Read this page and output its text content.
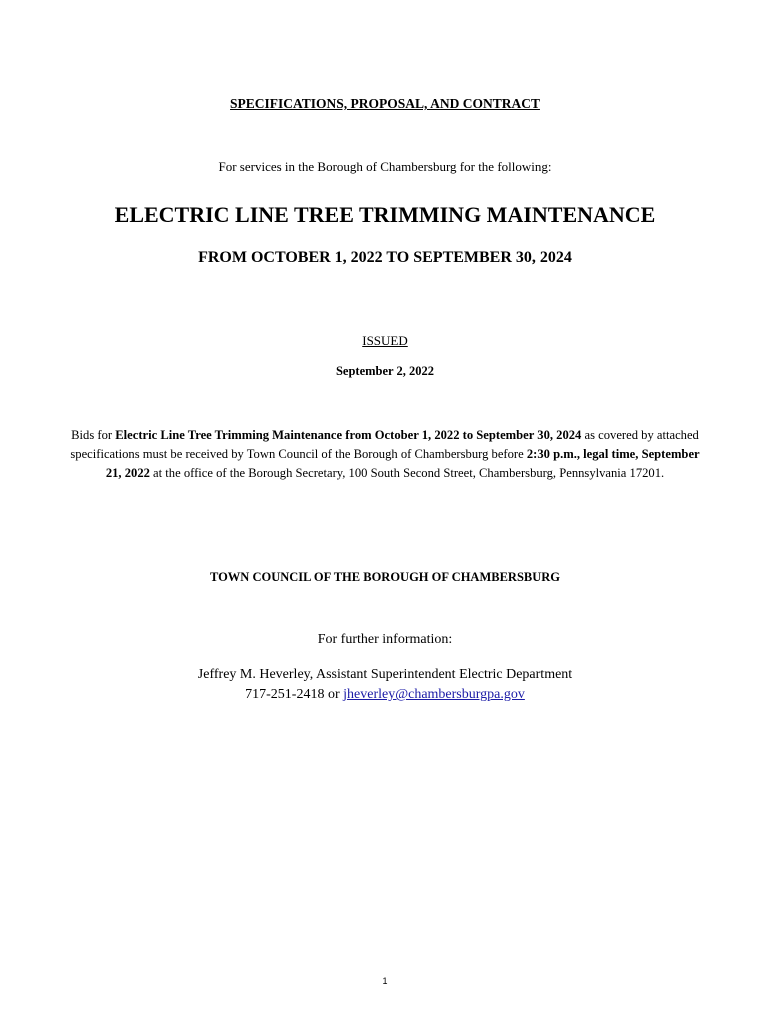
SPECIFICATIONS, PROPOSAL, AND CONTRACT
For services in the Borough of Chambersburg for the following:
ELECTRIC LINE TREE TRIMMING MAINTENANCE
FROM OCTOBER 1, 2022 TO SEPTEMBER 30, 2024
ISSUED
September 2, 2022
Bids for Electric Line Tree Trimming Maintenance from October 1, 2022 to September 30, 2024 as covered by attached specifications must be received by Town Council of the Borough of Chambersburg before 2:30 p.m., legal time, September 21, 2022 at the office of the Borough Secretary, 100 South Second Street, Chambersburg, Pennsylvania 17201.
TOWN COUNCIL OF THE BOROUGH OF CHAMBERSBURG
For further information:
Jeffrey M. Heverley, Assistant Superintendent Electric Department
717-251-2418 or jheverley@chambersburgpa.gov
1
